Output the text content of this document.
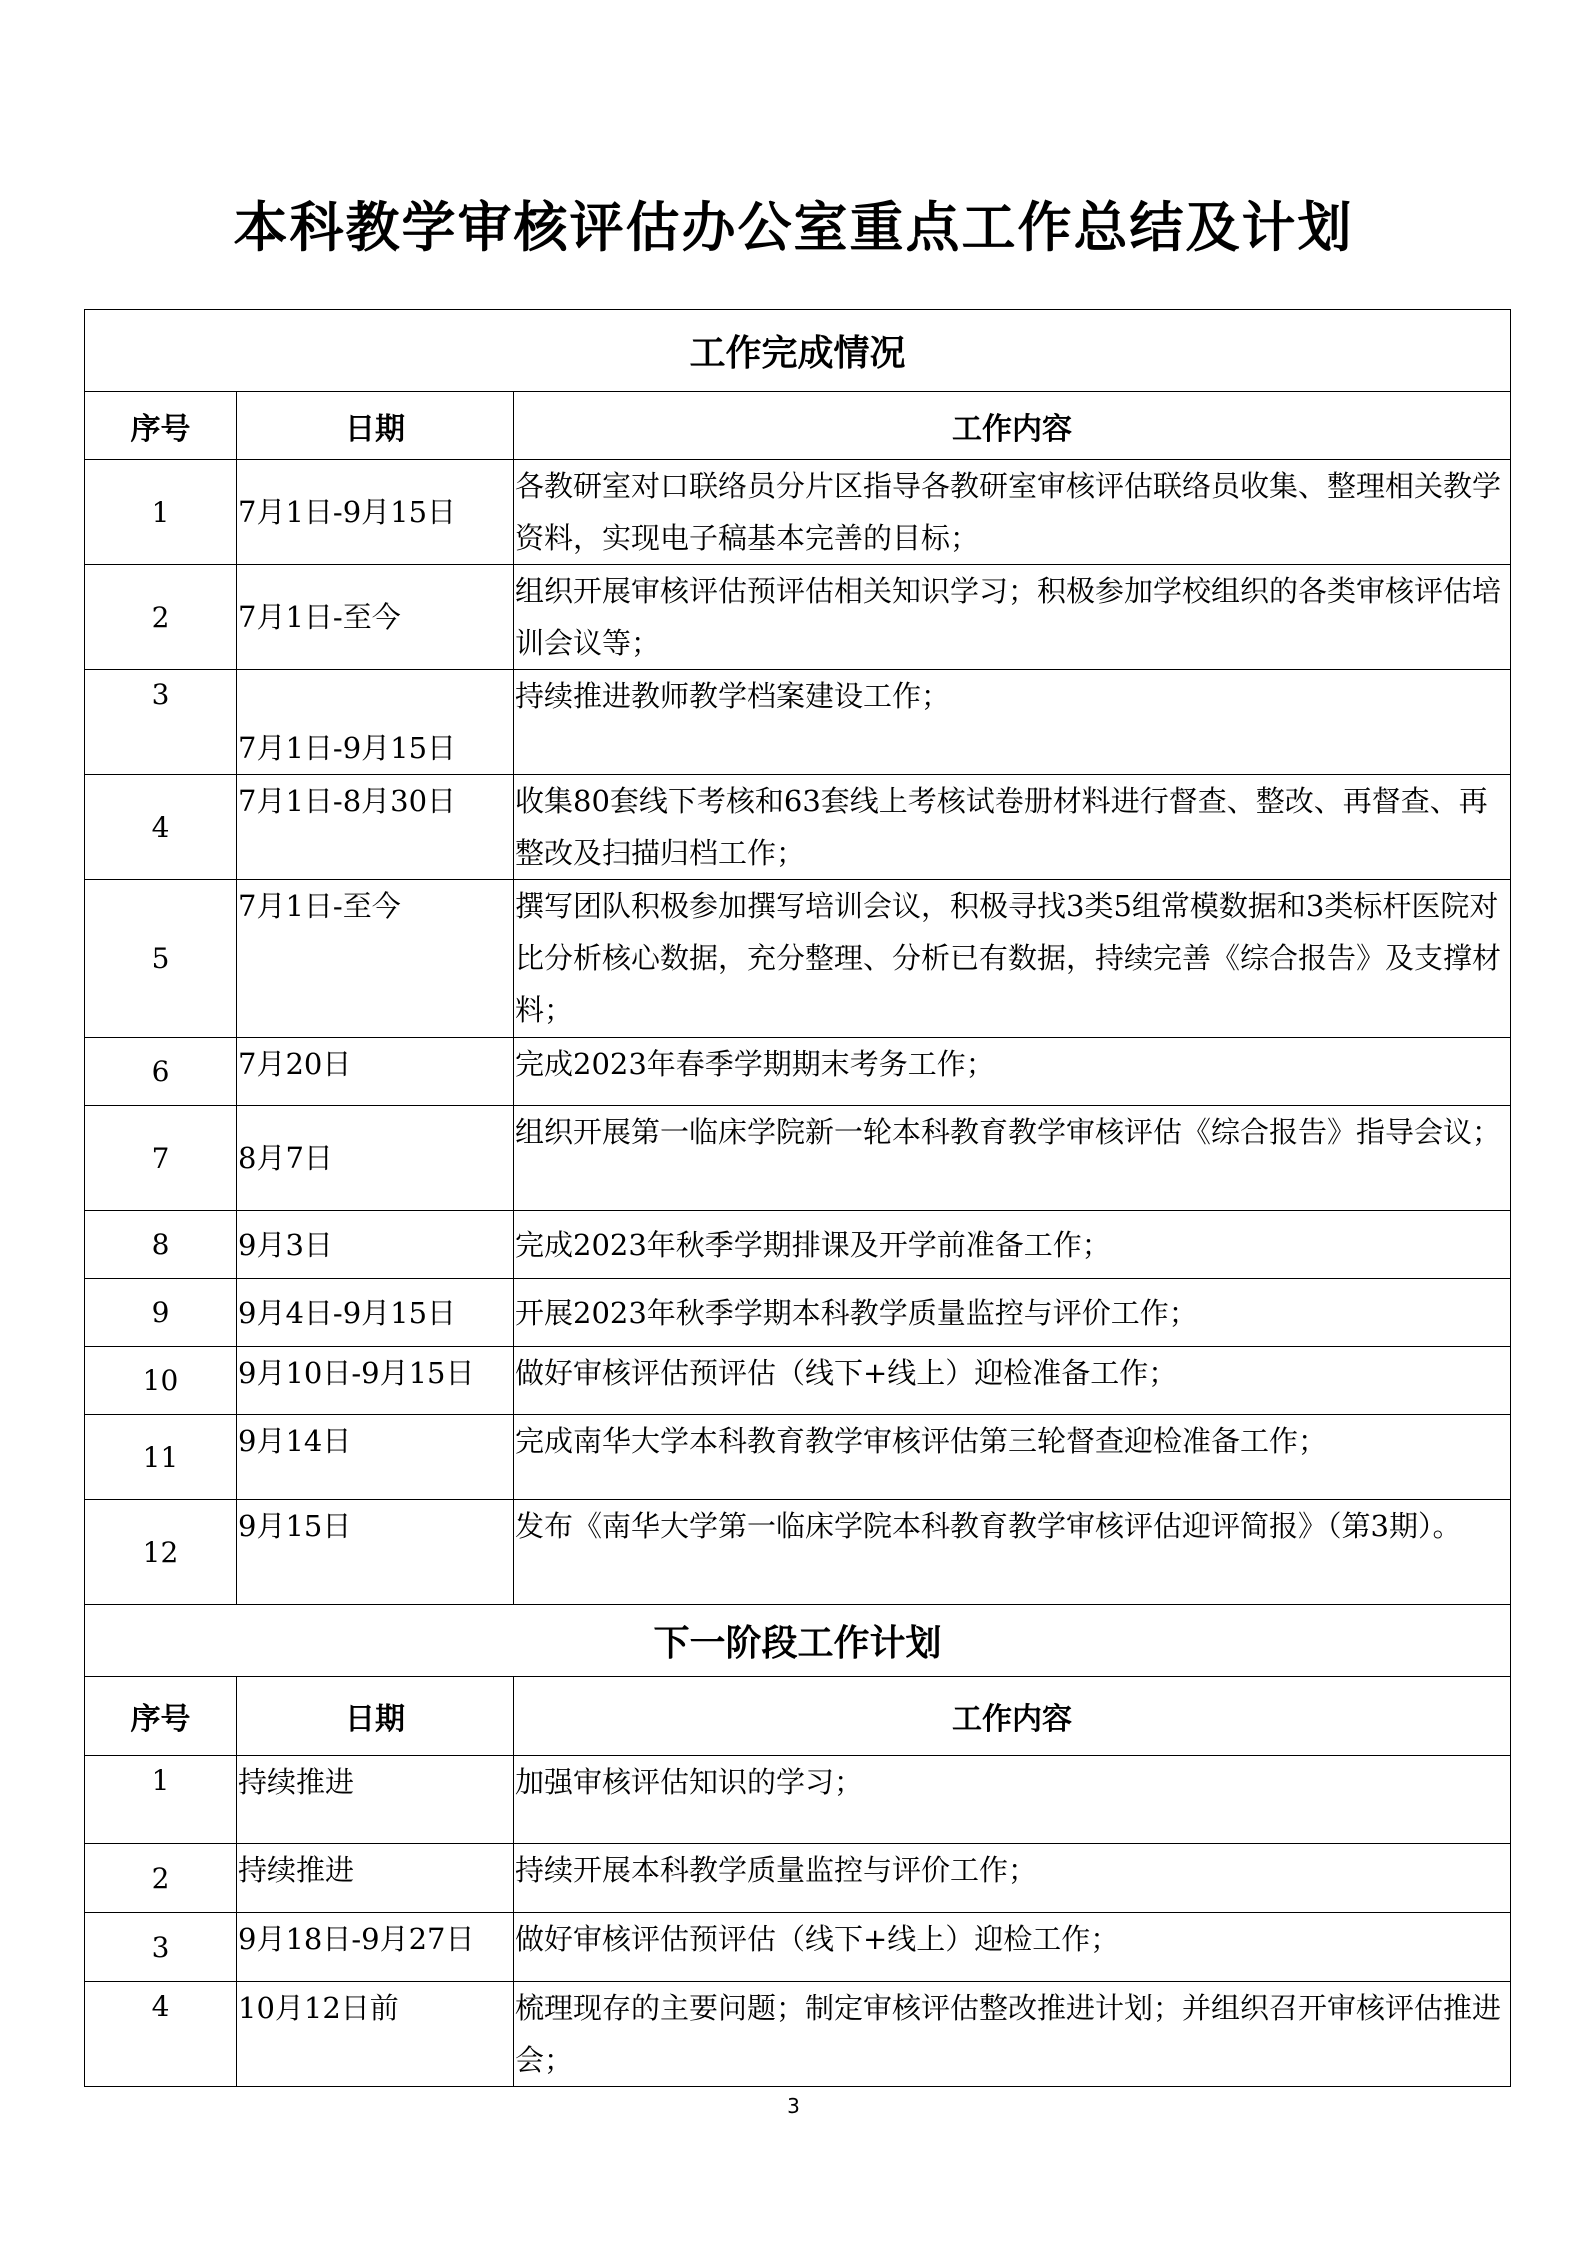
本科教学审核评估办公室重点工作总结及计划
工作完成情况		
序号	日期	工作内容
1	7月1日-9月15日	各教研室对口联络员分片区指导各教研室审核评估联络员收集、整理相关教学资料，实现电子稿基本完善的目标；
2	7月1日-至今	组织开展审核评估预评估相关知识学习；积极参加学校组织的各类审核评估培训会议等；
3	7月1日-9月15日	持续推进教师教学档案建设工作；
4	7月1日-8月30日	收集80套线下考核和63套线上考核试卷册材料进行督查、整改、再督查、再整改及扫描归档工作；
5	7月1日-至今	撰写团队积极参加撰写培训会议，积极寻找3类5组常模数据和3类标杆医院对比分析核心数据，充分整理、分析已有数据，持续完善《综合报告》及支撑材料；
6	7月20日	完成2023年春季学期期末考务工作；
7	8月7日	组织开展第一临床学院新一轮本科教育教学审核评估《综合报告》指导会议；
8	9月3日	完成2023年秋季学期排课及开学前准备工作；
9	9月4日-9月15日	开展2023年秋季学期本科教学质量监控与评价工作；
10	9月10日-9月15日	做好审核评估预评估（线下+线上）迎检准备工作；
11	9月14日	完成南华大学本科教育教学审核评估第三轮督查迎检准备工作；
12	9月15日	发布《南华大学第一临床学院本科教育教学审核评估迎评简报》（第3期）。
下一阶段工作计划		
序号	日期	工作内容
1	持续推进	加强审核评估知识的学习；
2	持续推进	持续开展本科教学质量监控与评价工作；
3	9月18日-9月27日	做好审核评估预评估（线下+线上）迎检工作；
4	10月12日前	梳理现存的主要问题；制定审核评估整改推进计划；并组织召开审核评估推进会；
3
